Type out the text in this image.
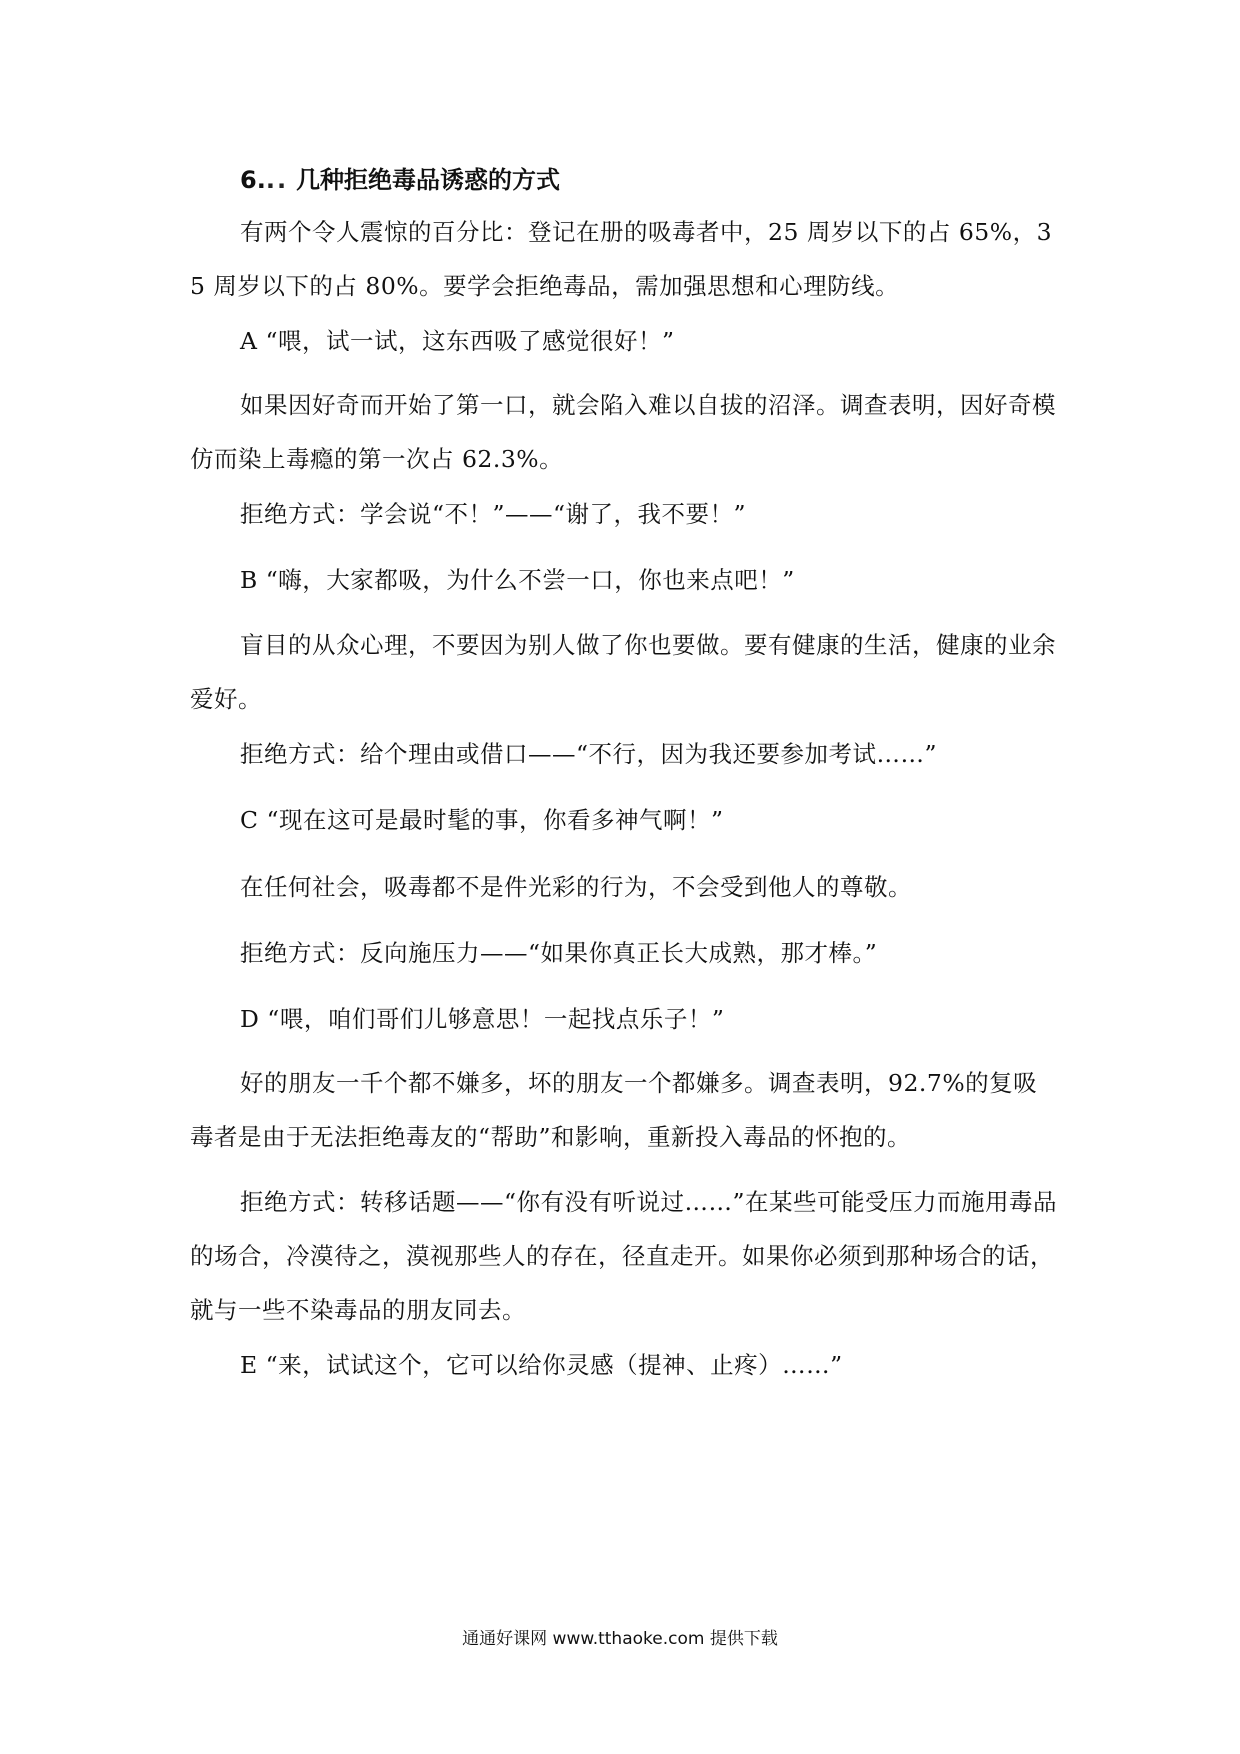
6... 几种拒绝毒品诱惑的方式
有两个令人震惊的百分比：登记在册的吸毒者中，25 周岁以下的占 65%，35 周岁以下的占 80%。要学会拒绝毒品，需加强思想和心理防线。
A “喂，试一试，这东西吸了感觉很好！”
如果因好奇而开始了第一口，就会陷入难以自拔的沼泽。调查表明，因好奇模仿而染上毒瘾的第一次占 62.3%。
拒绝方式：学会说“不！”——“谢了，我不要！”
B “嗨，大家都吸，为什么不尝一口，你也来点吧！”
盲目的从众心理，不要因为别人做了你也要做。要有健康的生活，健康的业余爱好。
拒绝方式：给个理由或借口——“不行，因为我还要参加考试……”
C “现在这可是最时髦的事，你看多神气啊！”
在任何社会，吸毒都不是件光彩的行为，不会受到他人的尊敬。
拒绝方式：反向施压力——“如果你真正长大成熟，那才棒。”
D “喂，咱们哥们儿够意思！一起找点乐子！”
好的朋友一千个都不嫌多，坏的朋友一个都嫌多。调查表明，92.7%的复吸毒者是由于无法拒绝毒友的“帮助”和影响，重新投入毒品的怀抱的。
拒绝方式：转移话题——“你有没有听说过……”在某些可能受压力而施用毒品的场合，冷漠待之，漠视那些人的存在，径直走开。如果你必须到那种场合的话，就与一些不染毒品的朋友同去。
E “来，试试这个，它可以给你灵感（提神、止疼）……”
通通好课网 www.tthaoke.com 提供下载
